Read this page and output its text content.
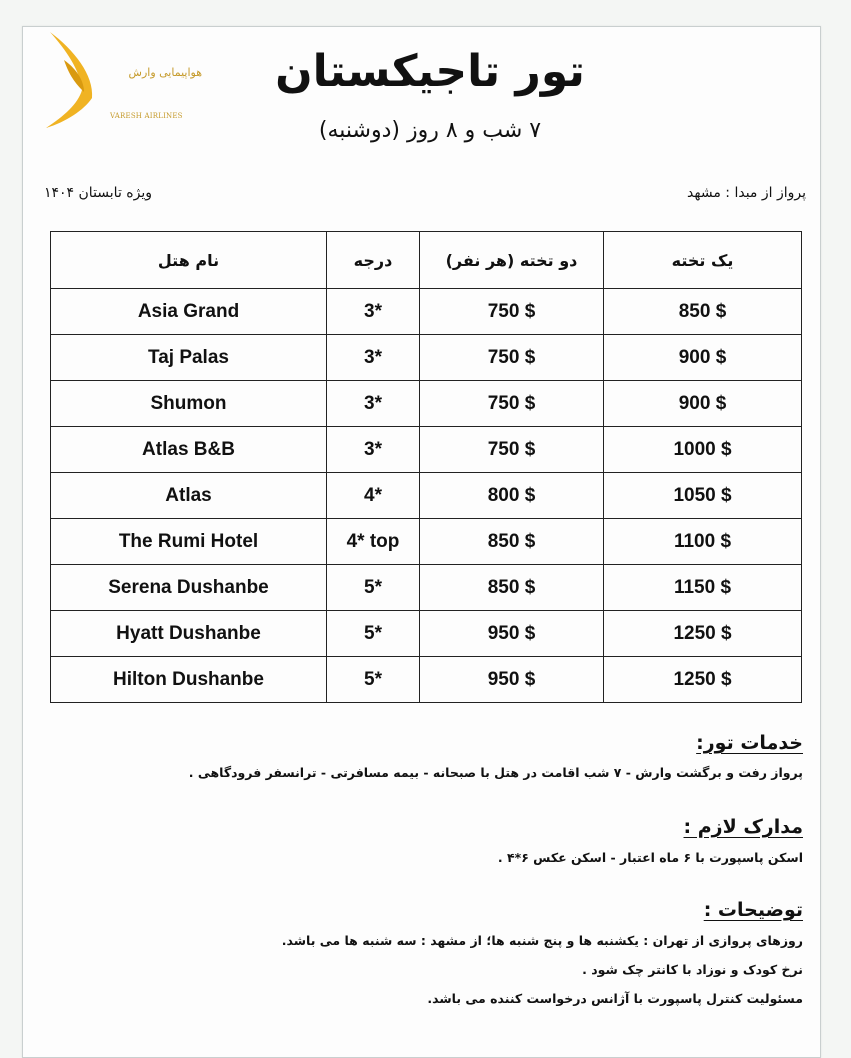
هواپیمایی وارش
VARESH AIRLINES
تور تاجیکستان
۷ شب و ۸ روز (دوشنبه)
پرواز از مبدا : مشهد
ویژه تابستان ۱۴۰۴
نام هتل	درجه	دو تخته (هر نفر)	یک تخته
Asia Grand	3*	750 $	850 $
Taj Palas	3*	750 $	900 $
Shumon	3*	750 $	900 $
Atlas B&B	3*	750 $	1000 $
Atlas	4*	800 $	1050 $
The Rumi Hotel	4* top	850 $	1100 $
Serena Dushanbe	5*	850 $	1150 $
Hyatt Dushanbe	5*	950 $	1250 $
Hilton Dushanbe	5*	950 $	1250 $
خدمات تور:
پرواز رفت و برگشت وارش - ۷ شب اقامت در هتل با صبحانه - بیمه مسافرتی - ترانسفر فرودگاهی .
مدارک لازم :
اسکن پاسپورت با ۶ ماه اعتبار - اسکن عکس ۶*۴ .
توضیحات :
روزهای پروازی از تهران : یکشنبه ها و پنج شنبه ها؛ از مشهد : سه شنبه ها می باشد.
نرخ کودک و نوزاد با کانتر چک شود .
مسئولیت کنترل پاسپورت با آژانس درخواست کننده می باشد.
